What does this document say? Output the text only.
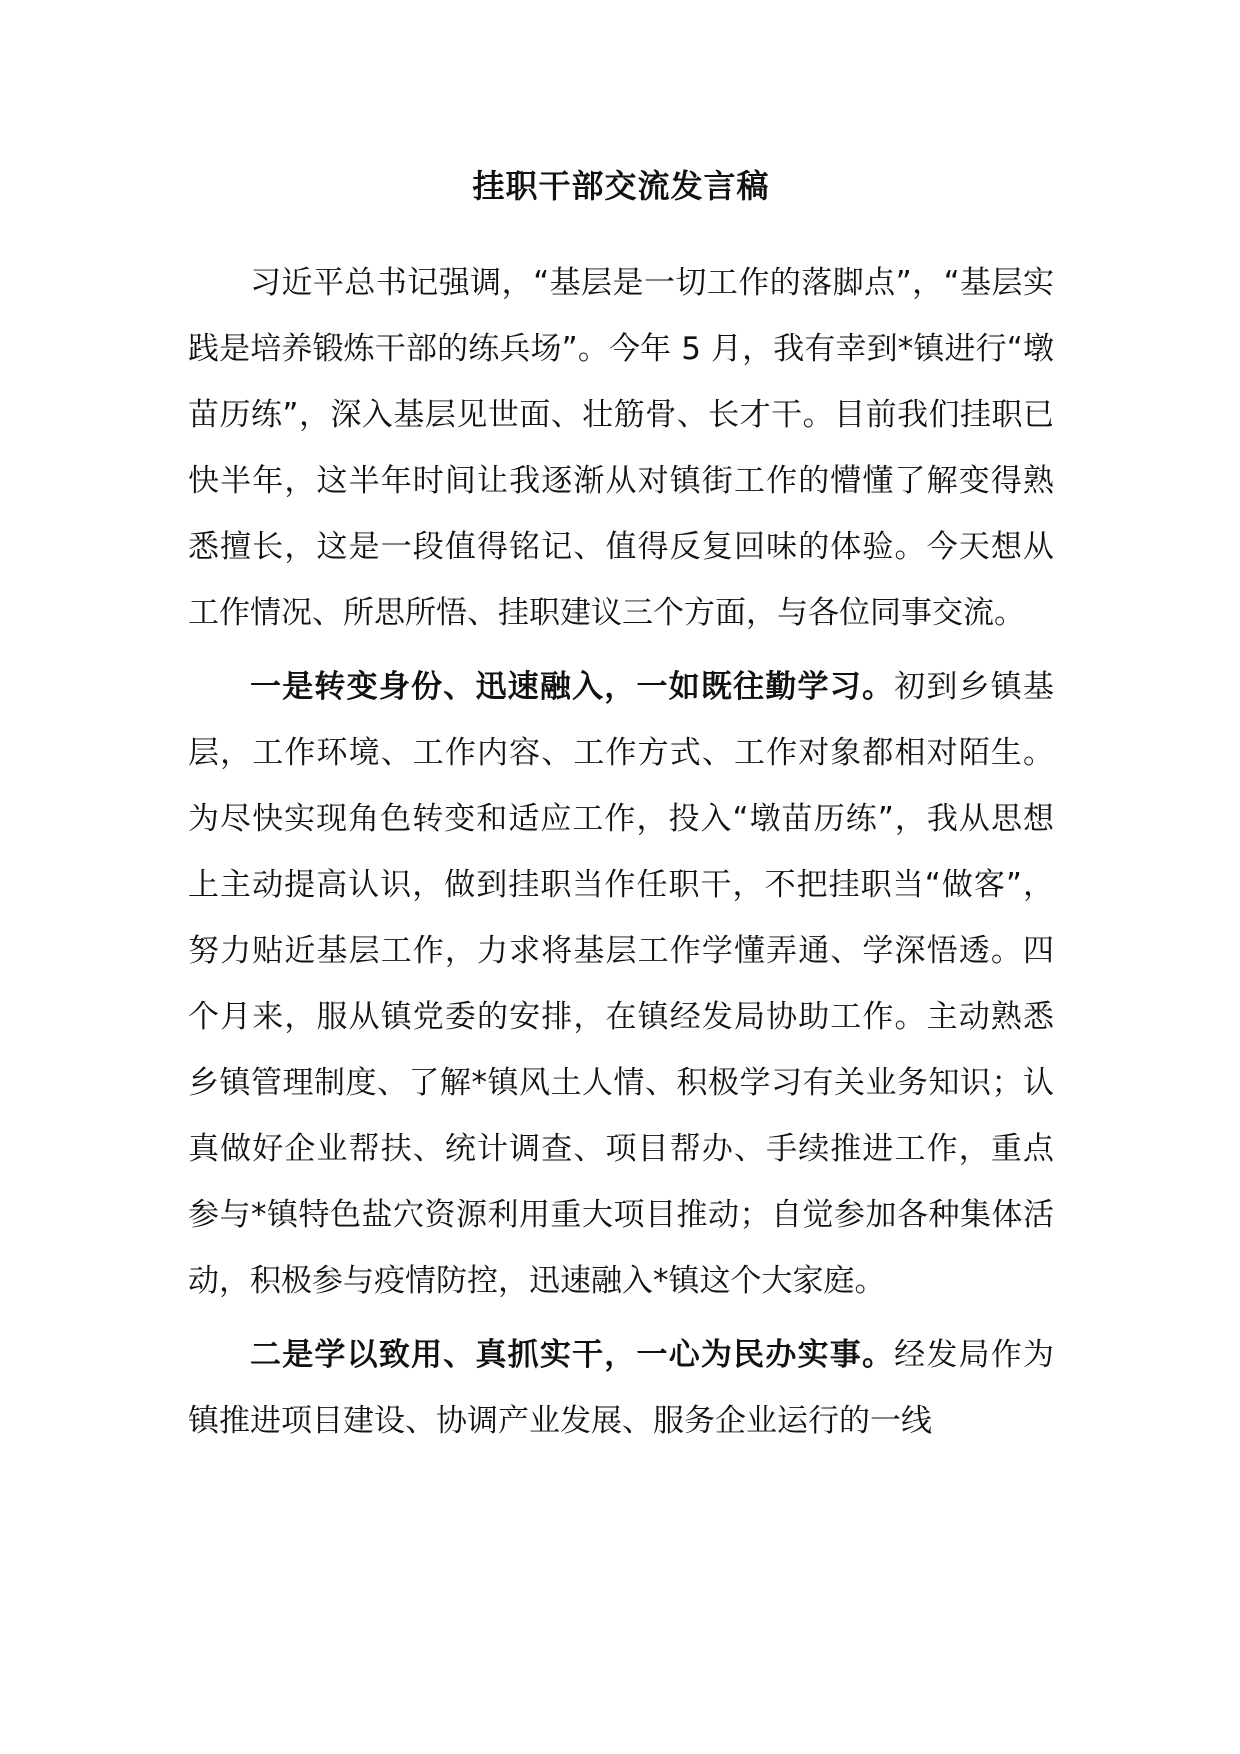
挂职干部交流发言稿

习近平总书记强调，“基层是一切工作的落脚点”，“基层实践是培养锻炼干部的练兵场”。今年 5 月，我有幸到*镇进行“墩苗历练”，深入基层见世面、壮筋骨、长才干。目前我们挂职已快半年，这半年时间让我逐渐从对镇街工作的懵懂了解变得熟悉擅长，这是一段值得铭记、值得反复回味的体验。今天想从工作情况、所思所悟、挂职建议三个方面，与各位同事交流。

一是转变身份、迅速融入，一如既往勤学习。初到乡镇基层，工作环境、工作内容、工作方式、工作对象都相对陌生。为尽快实现角色转变和适应工作，投入“墩苗历练”，我从思想上主动提高认识，做到挂职当作任职干，不把挂职当“做客”，努力贴近基层工作，力求将基层工作学懂弄通、学深悟透。四个月来，服从镇党委的安排，在镇经发局协助工作。主动熟悉乡镇管理制度、了解*镇风土人情、积极学习有关业务知识；认真做好企业帮扶、统计调查、项目帮办、手续推进工作，重点参与*镇特色盐穴资源利用重大项目推动；自觉参加各种集体活动，积极参与疫情防控，迅速融入*镇这个大家庭。

二是学以致用、真抓实干，一心为民办实事。经发局作为镇推进项目建设、协调产业发展、服务企业运行的一线
